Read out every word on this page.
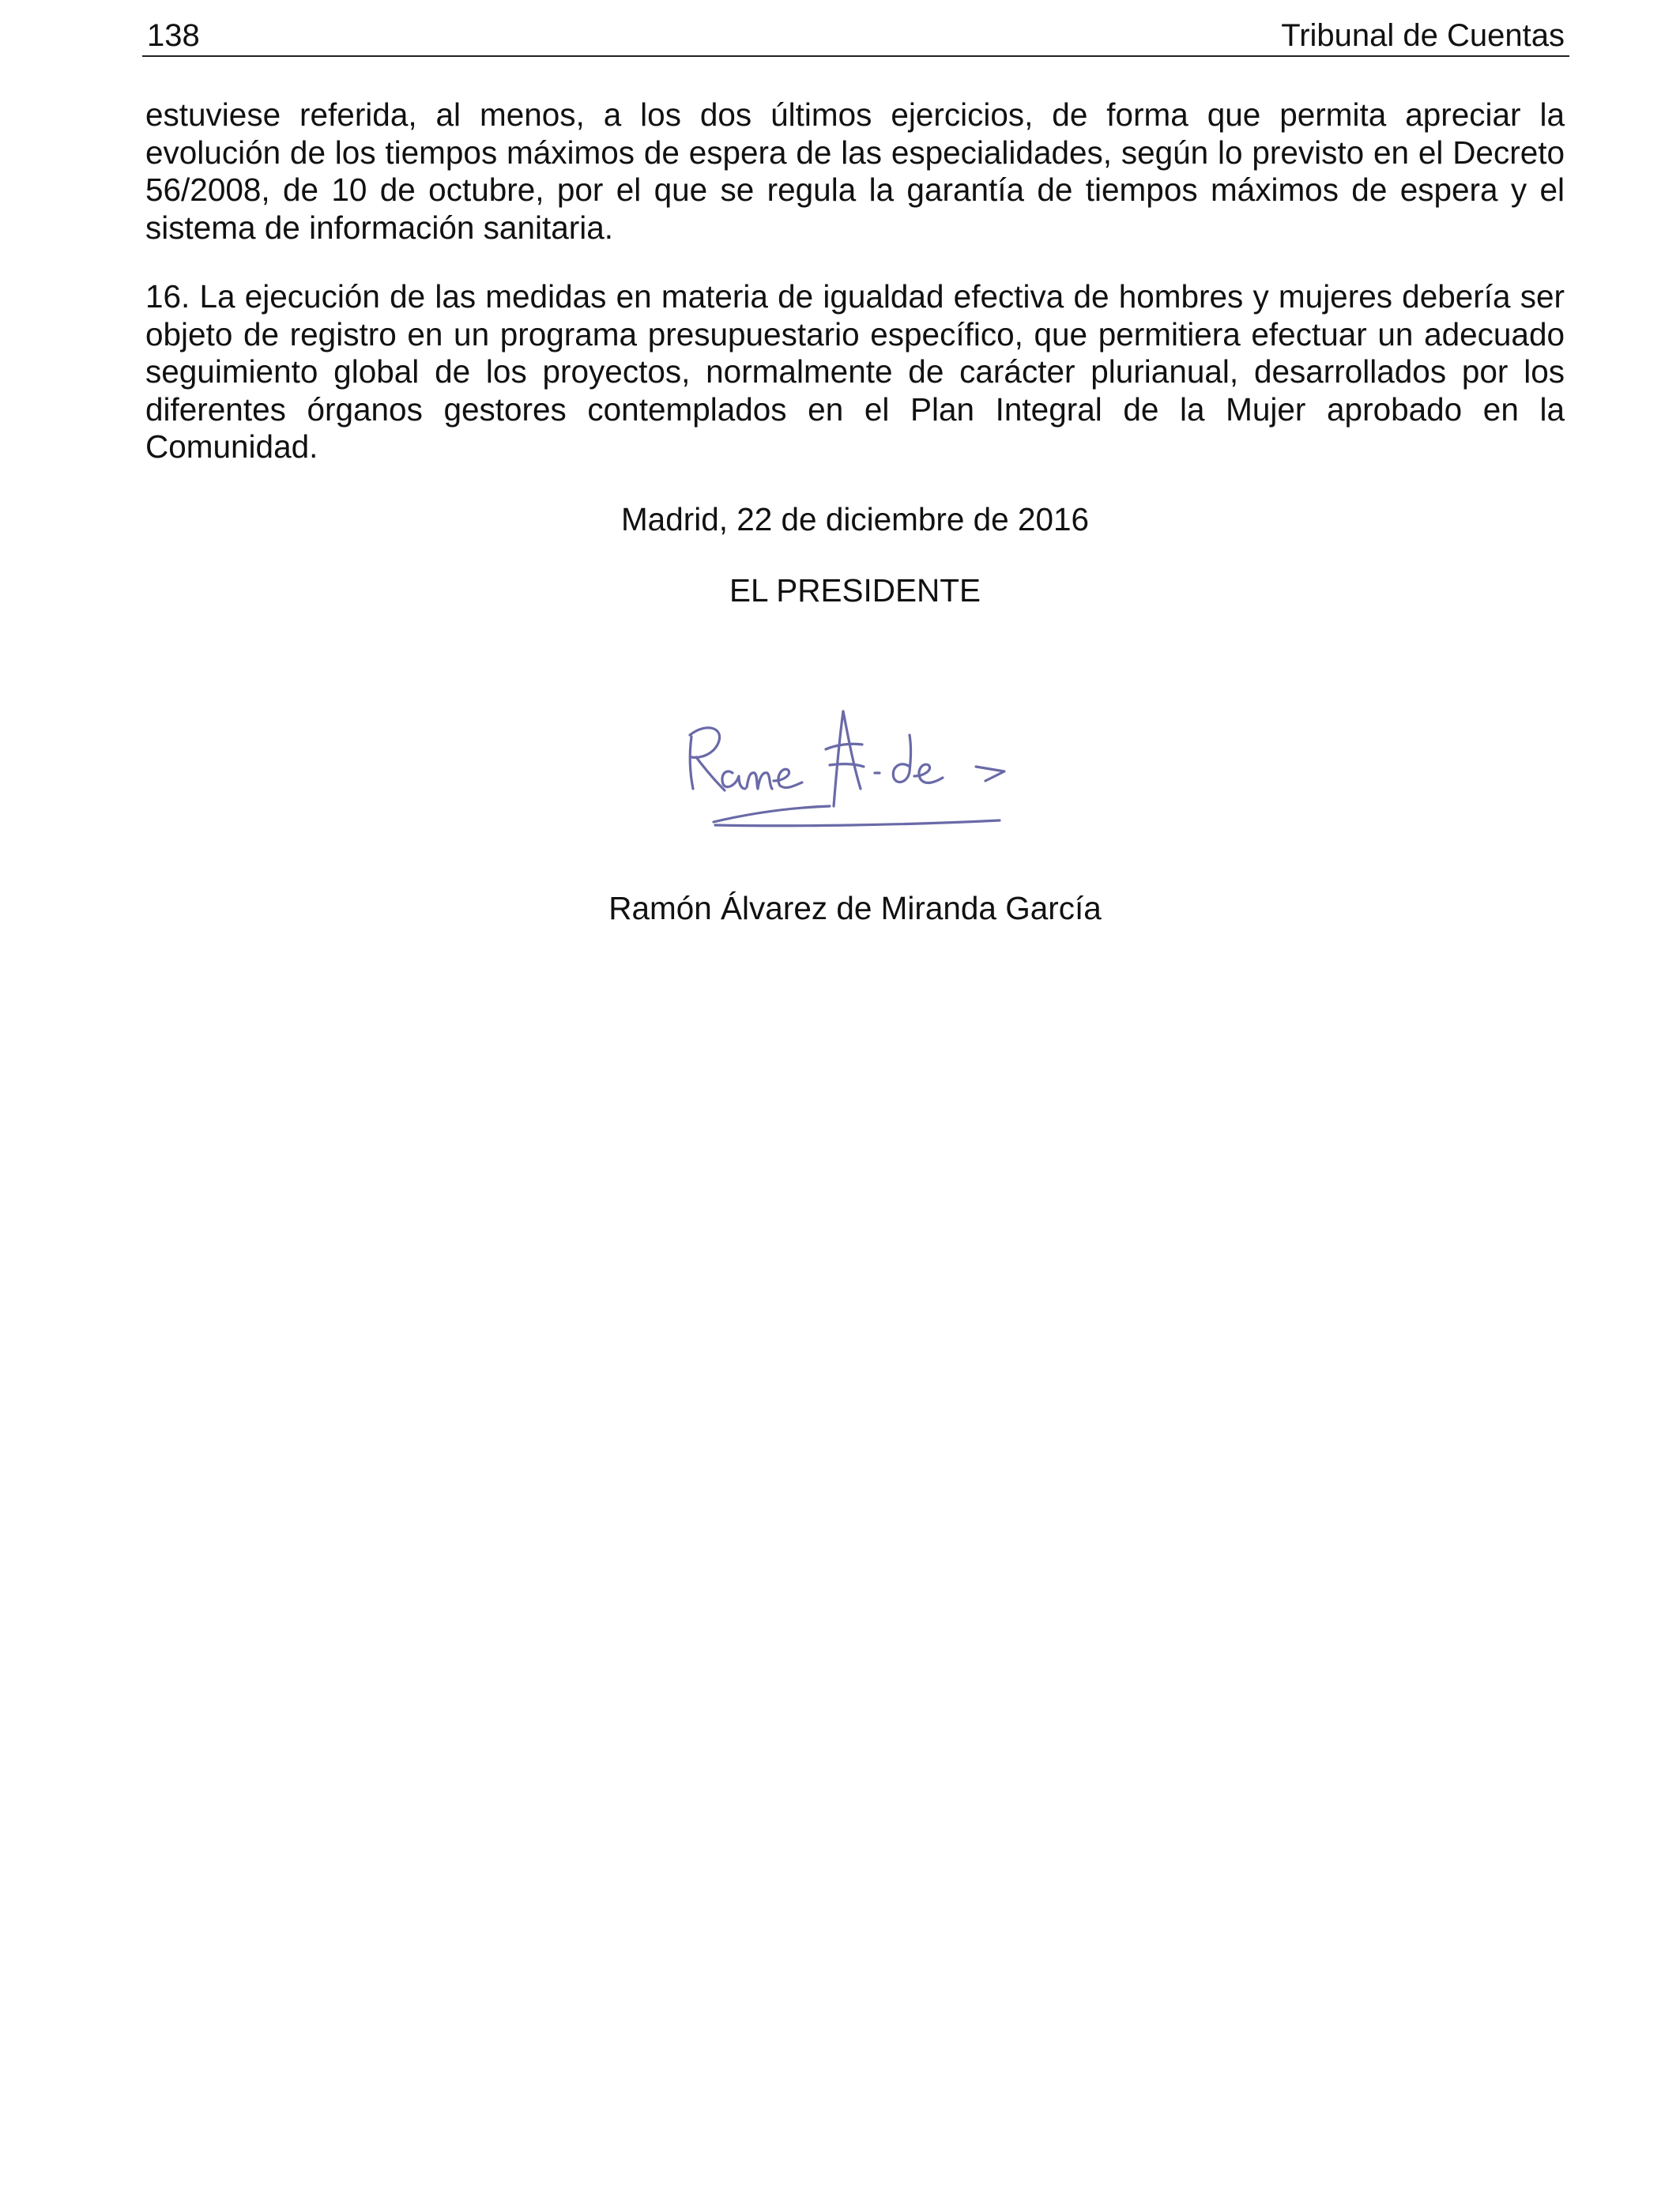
138	Tribunal de Cuentas

estuviese referida, al menos, a los dos últimos ejercicios, de forma que permita apreciar la evolución de los tiempos máximos de espera de las especialidades, según lo previsto en el Decreto 56/2008, de 10 de octubre, por el que se regula la garantía de tiempos máximos de espera y el sistema de información sanitaria.

16. La ejecución de las medidas en materia de igualdad efectiva de hombres y mujeres debería ser objeto de registro en un programa presupuestario específico, que permitiera efectuar un adecuado seguimiento global de los proyectos, normalmente de carácter plurianual, desarrollados por los diferentes órganos gestores contemplados en el Plan Integral de la Mujer aprobado en la Comunidad.

Madrid, 22 de diciembre de 2016
EL PRESIDENTE
Ramón Álvarez de Miranda García
